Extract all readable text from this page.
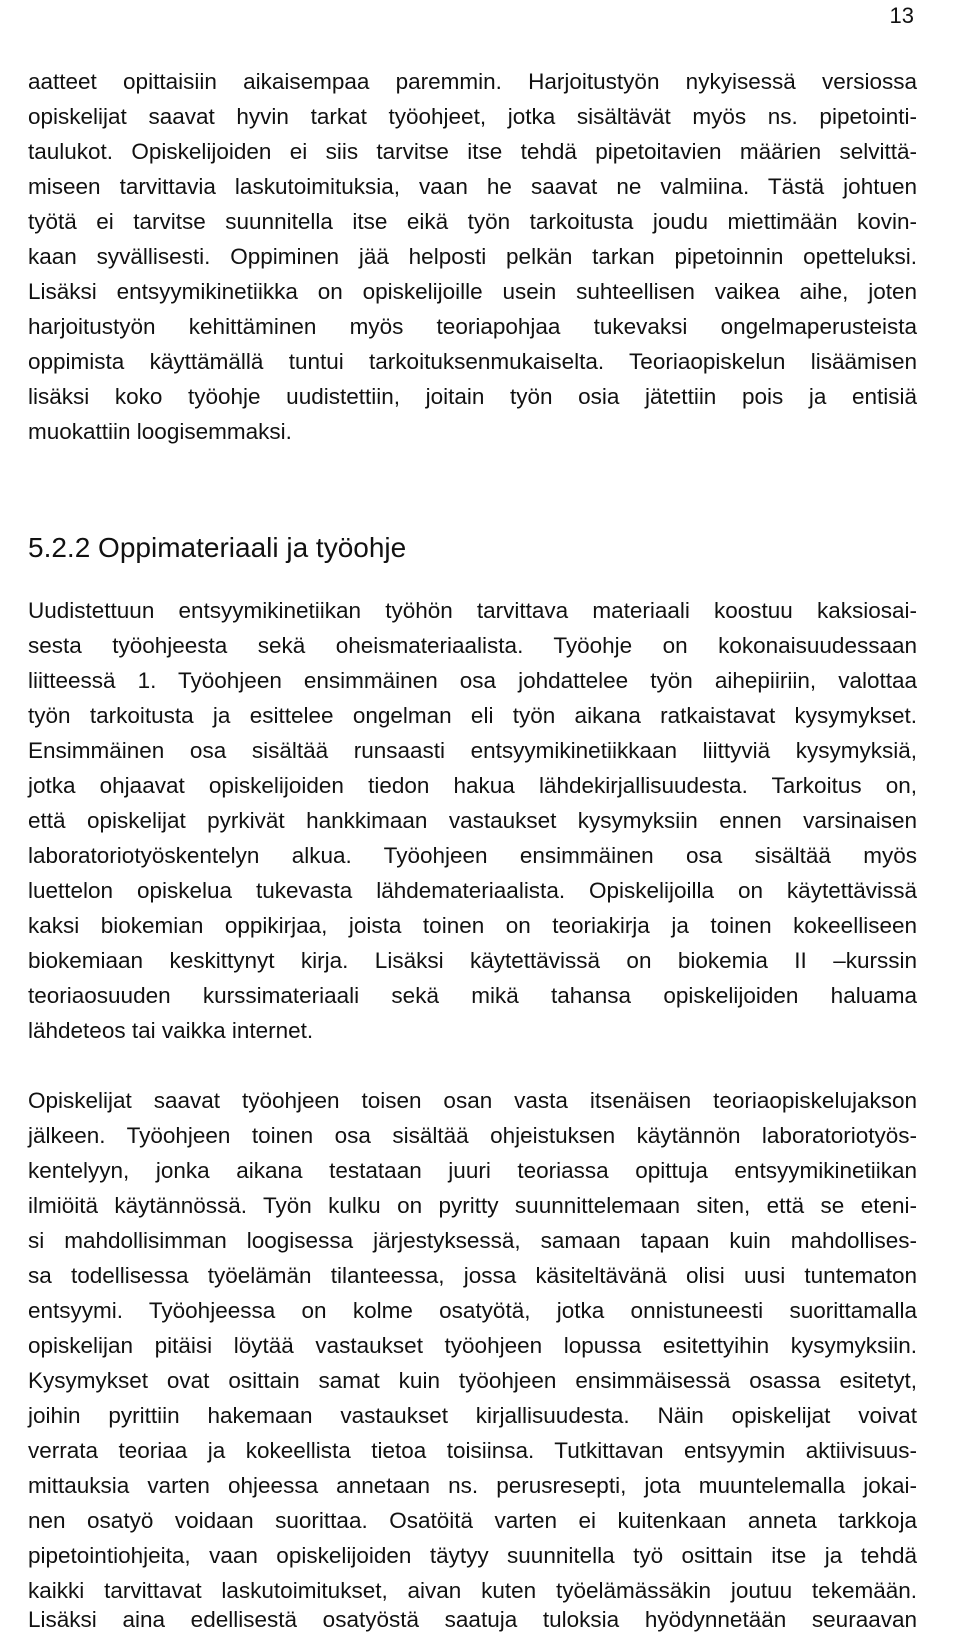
13
aatteet opittaisiin aikaisempaa paremmin. Harjoitustyön nykyisessä versiossa
opiskelijat saavat hyvin tarkat työohjeet, jotka sisältävät myös ns. pipetointi-
taulukot. Opiskelijoiden ei siis tarvitse itse tehdä pipetoitavien määrien selvittä-
miseen tarvittavia laskutoimituksia, vaan he saavat ne valmiina. Tästä johtuen
työtä ei tarvitse suunnitella itse eikä työn tarkoitusta joudu miettimään kovin-
kaan syvällisesti. Oppiminen jää helposti pelkän tarkan pipetoinnin opetteluksi.
Lisäksi entsyymikinetiikka on opiskelijoille usein suhteellisen vaikea aihe, joten
harjoitustyön kehittäminen myös teoriapohjaa tukevaksi ongelmaperusteista
oppimista käyttämällä tuntui tarkoituksenmukaiselta. Teoriaopiskelun lisäämisen
lisäksi koko työohje uudistettiin, joitain työn osia jätettiin pois ja entisiä
muokattiin loogisemmaksi.
5.2.2 Oppimateriaali ja työohje
Uudistettuun entsyymikinetiikan työhön tarvittava materiaali koostuu kaksiosai-
sesta työohjeesta sekä oheismateriaalista. Työohje on kokonaisuudessaan
liitteessä 1. Työohjeen ensimmäinen osa johdattelee työn aihepiiriin, valottaa
työn tarkoitusta ja esittelee ongelman eli työn aikana ratkaistavat kysymykset.
Ensimmäinen osa sisältää runsaasti entsyymikinetiikkaan liittyviä kysymyksiä,
jotka ohjaavat opiskelijoiden tiedon hakua lähdekirjallisuudesta. Tarkoitus on,
että opiskelijat pyrkivät hankkimaan vastaukset kysymyksiin ennen varsinaisen
laboratoriotyöskentelyn alkua. Työohjeen ensimmäinen osa sisältää myös
luettelon opiskelua tukevasta lähdemateriaalista. Opiskelijoilla on käytettävissä
kaksi biokemian oppikirjaa, joista toinen on teoriakirja ja toinen kokeelliseen
biokemiaan keskittynyt kirja. Lisäksi käytettävissä on biokemia II –kurssin
teoriaosuuden kurssimateriaali sekä mikä tahansa opiskelijoiden haluama
lähdeteos tai vaikka internet.
Opiskelijat saavat työohjeen toisen osan vasta itsenäisen teoriaopiskelujakson
jälkeen. Työohjeen toinen osa sisältää ohjeistuksen käytännön laboratoriotyös-
kentelyyn, jonka aikana testataan juuri teoriassa opittuja entsyymikinetiikan
ilmiöitä käytännössä. Työn kulku on pyritty suunnittelemaan siten, että se eteni-
si mahdollisimman loogisessa järjestyksessä, samaan tapaan kuin mahdollises-
sa todellisessa työelämän tilanteessa, jossa käsiteltävänä olisi uusi tuntematon
entsyymi. Työohjeessa on kolme osatyötä, jotka onnistuneesti suorittamalla
opiskelijan pitäisi löytää vastaukset työohjeen lopussa esitettyihin kysymyksiin.
Kysymykset ovat osittain samat kuin työohjeen ensimmäisessä osassa esitetyt,
joihin pyrittiin hakemaan vastaukset kirjallisuudesta. Näin opiskelijat voivat
verrata teoriaa ja kokeellista tietoa toisiinsa. Tutkittavan entsyymin aktiivisuus-
mittauksia varten ohjeessa annetaan ns. perusresepti, jota muuntelemalla jokai-
nen osatyö voidaan suorittaa. Osatöitä varten ei kuitenkaan anneta tarkkoja
pipetointiohjeita, vaan opiskelijoiden täytyy suunnitella työ osittain itse ja tehdä
kaikki tarvittavat laskutoimitukset, aivan kuten työelämässäkin joutuu tekemään.
Lisäksi aina edellisestä osatyöstä saatuja tuloksia hyödynnetään seuraavan
